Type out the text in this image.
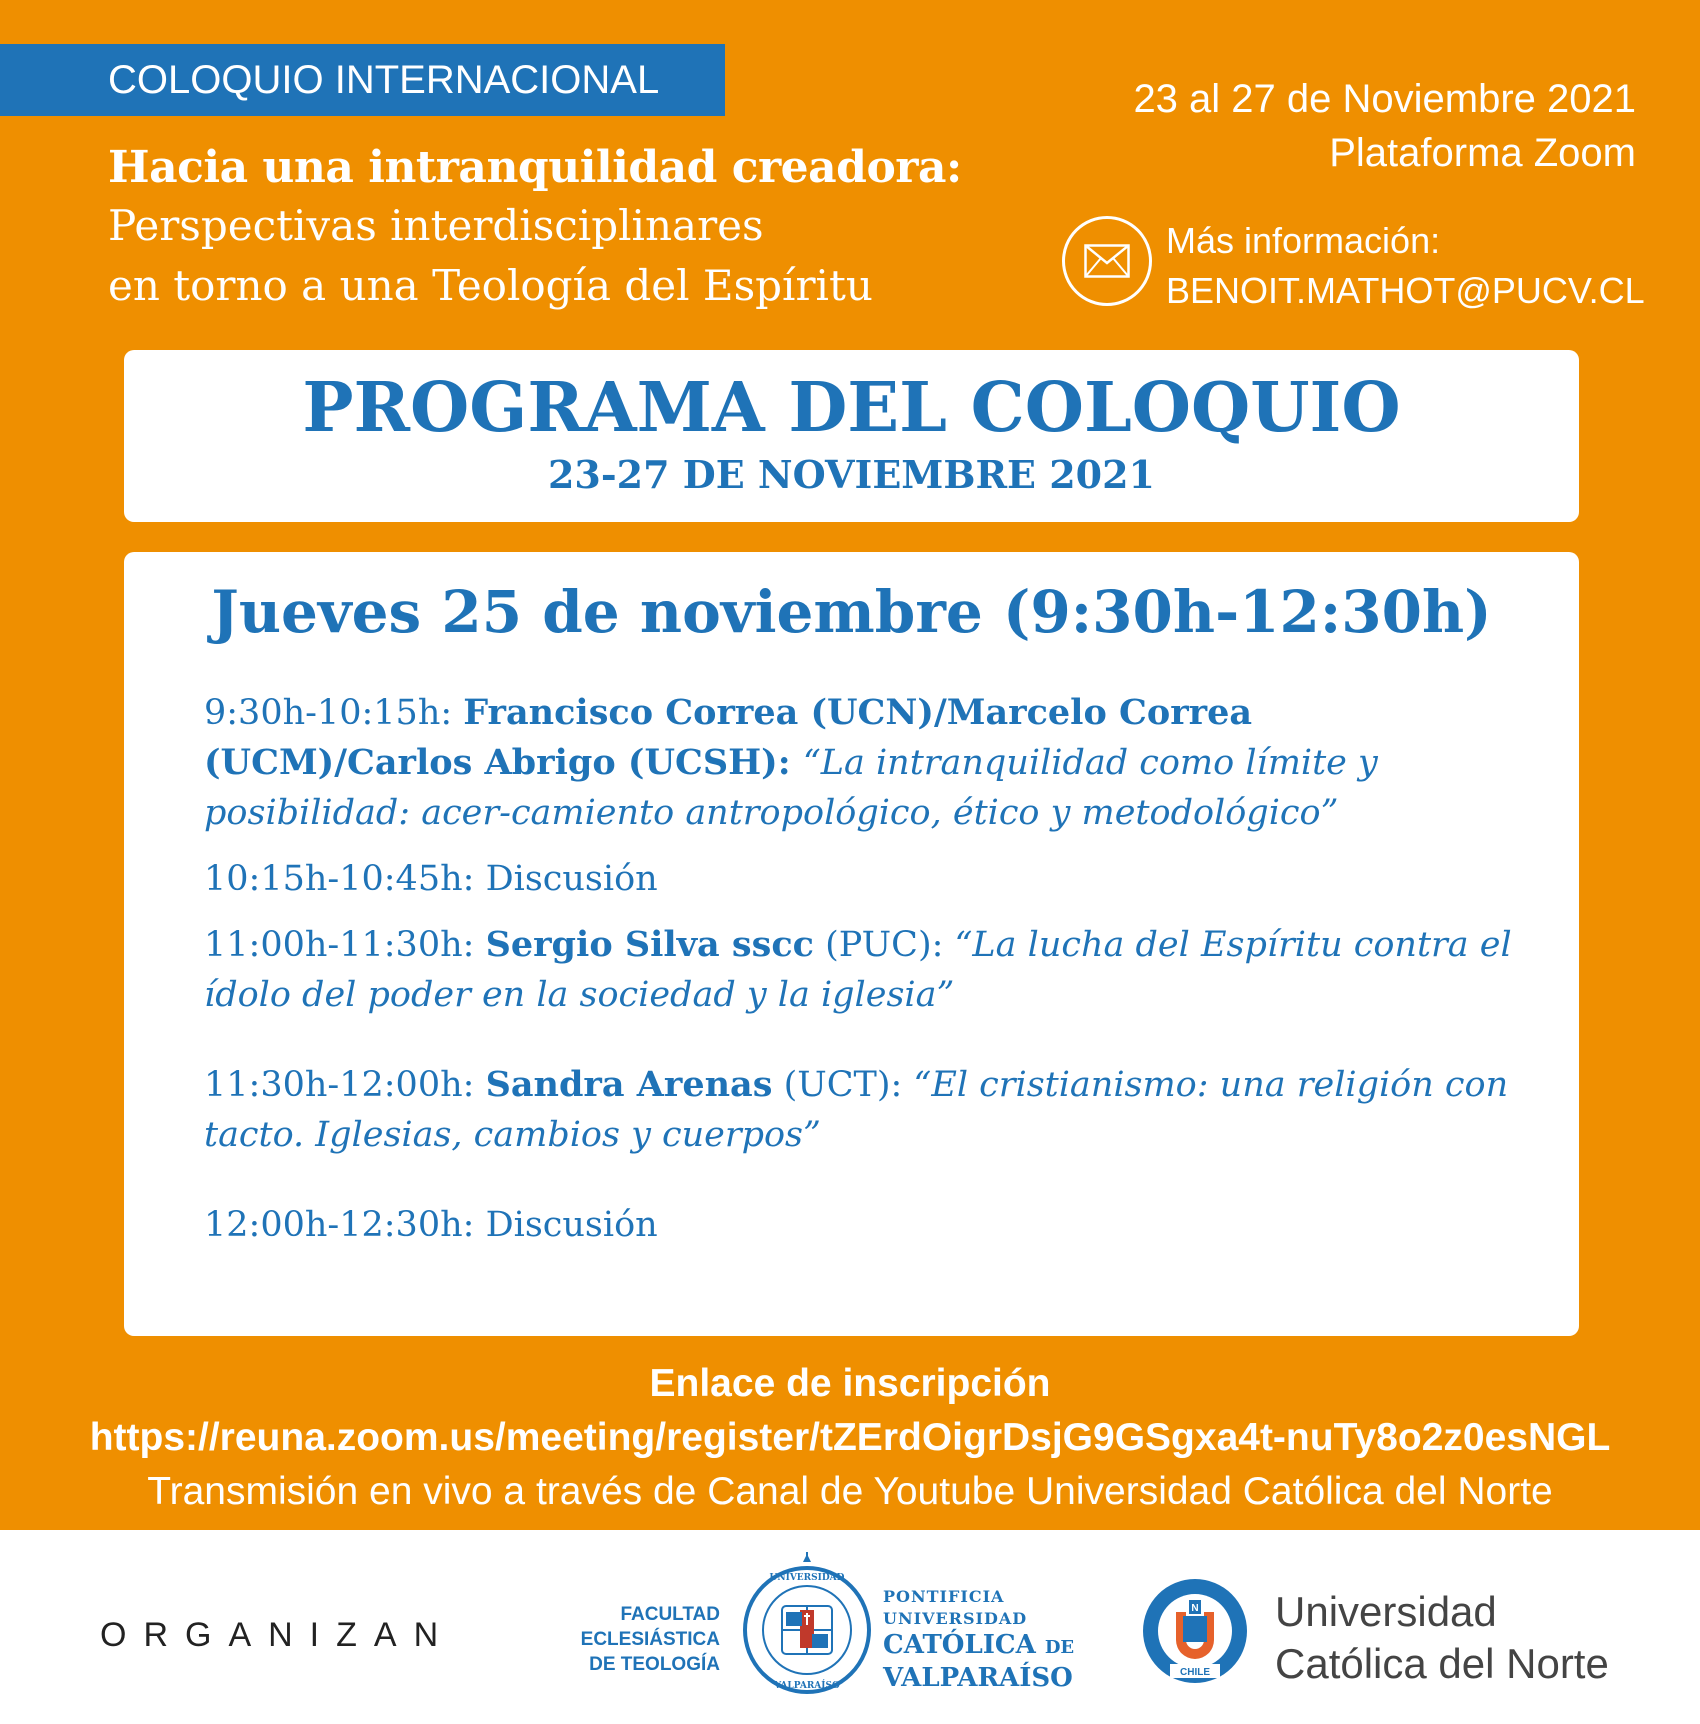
COLOQUIO INTERNACIONAL
Hacia una intranquilidad creadora:
Perspectivas interdisciplinares
en torno a una Teología del Espíritu
23 al 27 de Noviembre 2021
Plataforma Zoom
Más información:
BENOIT.MATHOT@PUCV.CL
PROGRAMA DEL COLOQUIO
23-27 DE NOVIEMBRE 2021
Jueves 25 de noviembre (9:30h-12:30h)
9:30h-10:15h: Francisco Correa (UCN)/Marcelo Correa (UCM)/Carlos Abrigo (UCSH): “La intranquilidad como límite y posibilidad: acer-camiento antropológico, ético y metodológico”
10:15h-10:45h: Discusión
11:00h-11:30h: Sergio Silva sscc (PUC): “La lucha del Espíritu contra el ídolo del poder en la sociedad y la iglesia”
11:30h-12:00h: Sandra Arenas (UCT): “El cristianismo: una religión con tacto. Iglesias, cambios y cuerpos”
12:00h-12:30h: Discusión
Enlace de inscripción
https://reuna.zoom.us/meeting/register/tZErdOigrDsjG9GSgxa4t-nuTy8o2z0esNGL
Transmisión en vivo a través de Canal de Youtube Universidad Católica del Norte
ORGANIZAN
FACULTAD
ECLESIÁSTICA
DE TEOLOGÍA
UNIVERSIDAD
VALPARAÍSO
PONTIFICIA
UNIVERSIDAD
CATÓLICA DE
VALPARAÍSO	CHILE
N Universidad
Católica del Norte
